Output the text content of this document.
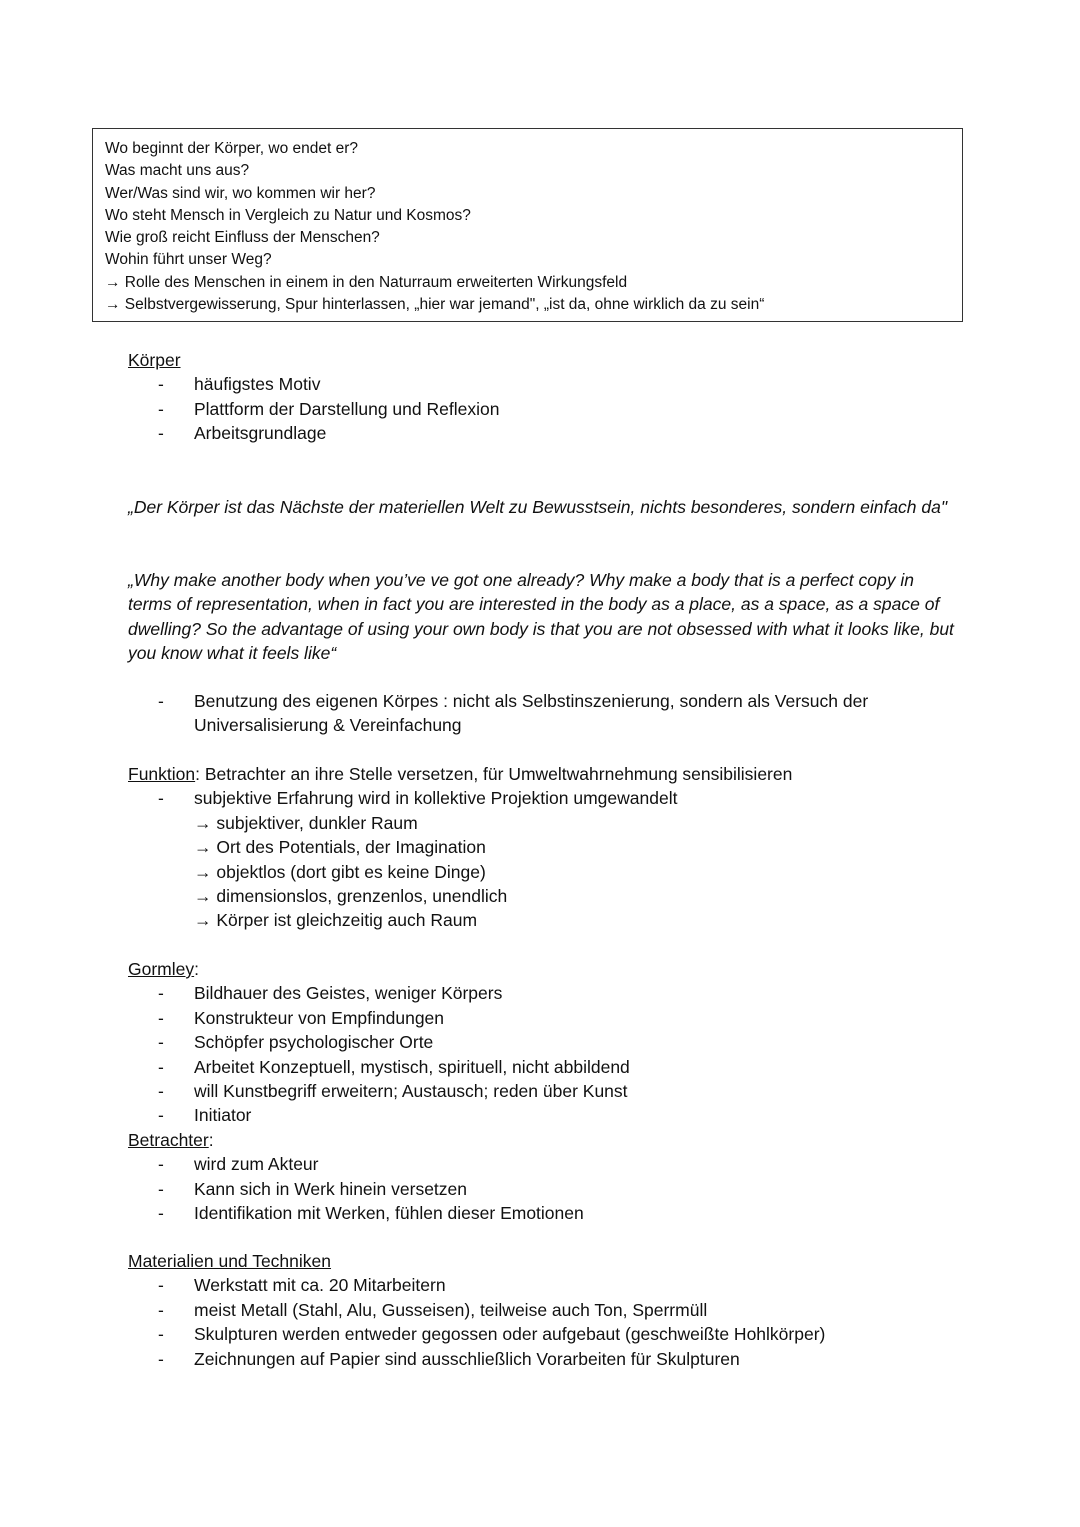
Wo beginnt der Körper, wo endet er?
Was macht uns aus?
Wer/Was sind wir, wo kommen wir her?
Wo steht Mensch in Vergleich zu Natur und Kosmos?
Wie groß reicht Einfluss der Menschen?
Wohin führt unser Weg?
→ Rolle des Menschen in einem in den Naturraum erweiterten Wirkungsfeld
→ Selbstvergewisserung, Spur hinterlassen, „hier war jemand", „ist da, ohne wirklich da zu sein“
Körper
-	häufigstes Motiv
-	Plattform der Darstellung und Reflexion
-	Arbeitsgrundlage
„Der Körper ist das Nächste der materiellen Welt zu Bewusstsein, nichts besonderes, sondern einfach da"
„Why make another body when you’ve ve got one already? Why make a body that is a perfect copy in terms of representation, when in fact you are interested in the body as a place, as a space, as a space of dwelling? So the advantage of using your own body is that you are not obsessed with what it looks like, but you know what it feels like“
-	Benutzung des eigenen Körpes : nicht als Selbstinszenierung, sondern als Versuch der
Universalisierung & Vereinfachung
Funktion: Betrachter an ihre Stelle versetzen, für Umweltwahrnehmung sensibilisieren
-	subjektive Erfahrung wird in kollektive Projektion umgewandelt
→ subjektiver, dunkler Raum
→ Ort des Potentials, der Imagination
→ objektlos (dort gibt es keine Dinge)
→ dimensionslos, grenzenlos, unendlich
→ Körper ist gleichzeitig auch Raum
Gormley:
-	Bildhauer des Geistes, weniger Körpers
-	Konstrukteur von Empfindungen
-	Schöpfer psychologischer Orte
-	Arbeitet Konzeptuell, mystisch, spirituell, nicht abbildend
-	will Kunstbegriff erweitern; Austausch; reden über Kunst
-	Initiator
Betrachter:
-	wird zum Akteur
-	Kann sich in Werk hinein versetzen
-	Identifikation mit Werken, fühlen dieser Emotionen
Materialien und Techniken
-	Werkstatt mit ca. 20 Mitarbeitern
-	meist Metall (Stahl, Alu, Gusseisen), teilweise auch Ton, Sperrmüll
-	Skulpturen werden entweder gegossen oder aufgebaut (geschweißte Hohlkörper)
-	Zeichnungen auf Papier sind ausschließlich Vorarbeiten für Skulpturen
